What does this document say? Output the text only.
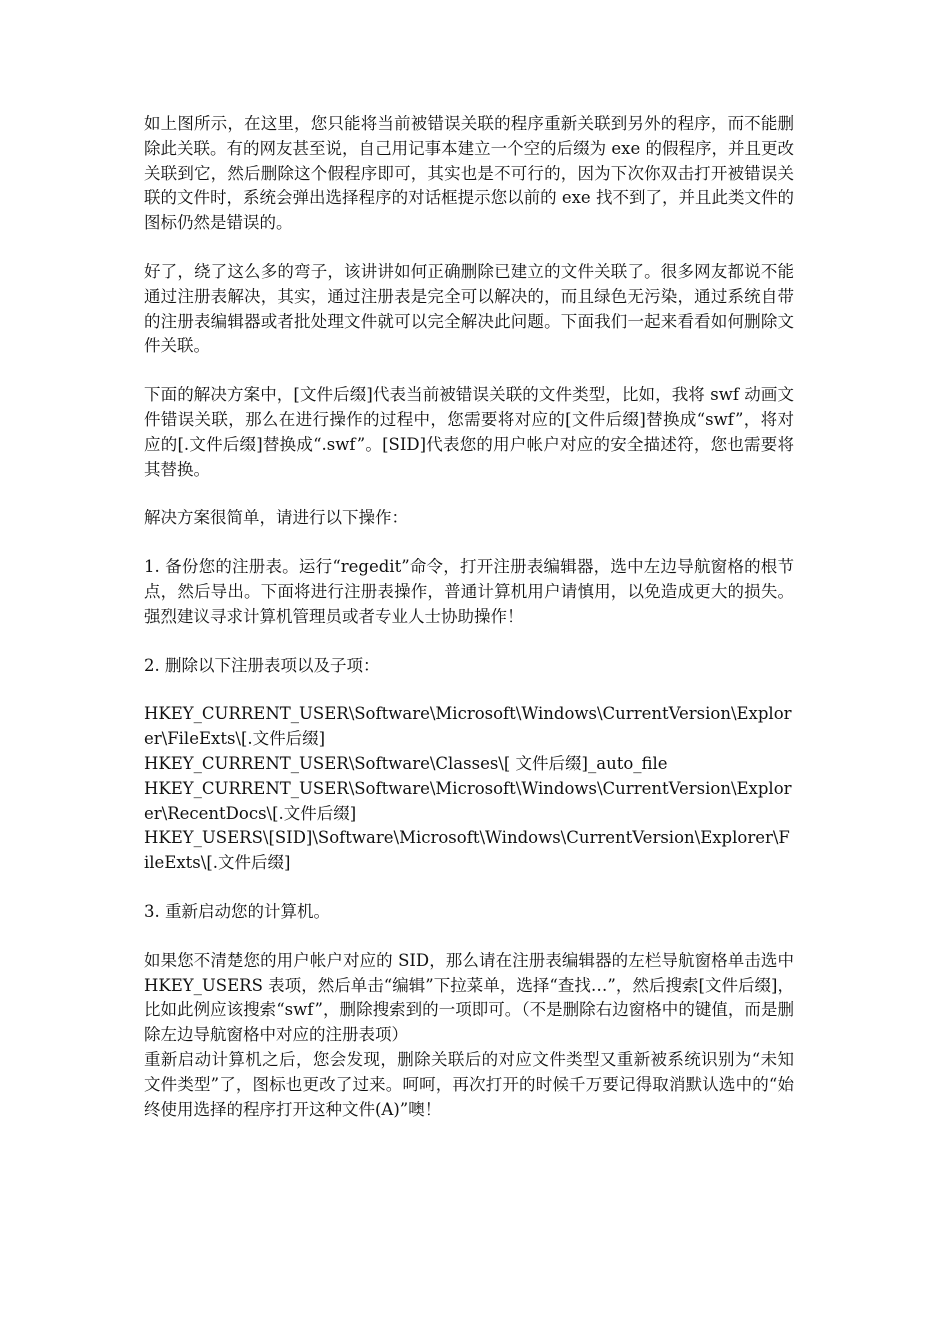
如上图所示，在这里，您只能将当前被错误关联的程序重新关联到另外的程序，而不能删除此关联。有的网友甚至说，自己用记事本建立一个空的后缀为 exe 的假程序，并且更改关联到它，然后删除这个假程序即可，其实也是不可行的，因为下次你双击打开被错误关联的文件时，系统会弹出选择程序的对话框提示您以前的 exe 找不到了，并且此类文件的图标仍然是错误的。

好了，绕了这么多的弯子，该讲讲如何正确删除已建立的文件关联了。很多网友都说不能通过注册表解决，其实，通过注册表是完全可以解决的，而且绿色无污染，通过系统自带的注册表编辑器或者批处理文件就可以完全解决此问题。下面我们一起来看看如何删除文件关联。

下面的解决方案中，[文件后缀]代表当前被错误关联的文件类型，比如，我将 swf 动画文件错误关联，那么在进行操作的过程中，您需要将对应的[文件后缀]替换成“swf”，将对应的[.文件后缀]替换成“.swf”。[SID]代表您的用户帐户对应的安全描述符，您也需要将其替换。

解决方案很简单，请进行以下操作：

1. 备份您的注册表。运行“regedit”命令，打开注册表编辑器，选中左边导航窗格的根节点，然后导出。下面将进行注册表操作，普通计算机用户请慎用，以免造成更大的损失。强烈建议寻求计算机管理员或者专业人士协助操作！

2. 删除以下注册表项以及子项：

HKEY_CURRENT_USER\Software\Microsoft\Windows\CurrentVersion\Explorer\FileExts\[.文件后缀]
HKEY_CURRENT_USER\Software\Classes\[ 文件后缀]_auto_file
HKEY_CURRENT_USER\Software\Microsoft\Windows\CurrentVersion\Explorer\RecentDocs\[.文件后缀]
HKEY_USERS\[SID]\Software\Microsoft\Windows\CurrentVersion\Explorer\FileExts\[.文件后缀]

3. 重新启动您的计算机。

如果您不清楚您的用户帐户对应的 SID，那么请在注册表编辑器的左栏导航窗格单击选中 HKEY_USERS 表项，然后单击“编辑”下拉菜单，选择“查找…”，然后搜索[文件后缀]，比如此例应该搜索“swf”，删除搜索到的一项即可。（不是删除右边窗格中的键值，而是删除左边导航窗格中对应的注册表项）

重新启动计算机之后，您会发现，删除关联后的对应文件类型又重新被系统识别为“未知文件类型”了，图标也更改了过来。呵呵，再次打开的时候千万要记得取消默认选中的“始终使用选择的程序打开这种文件(A)”噢！
